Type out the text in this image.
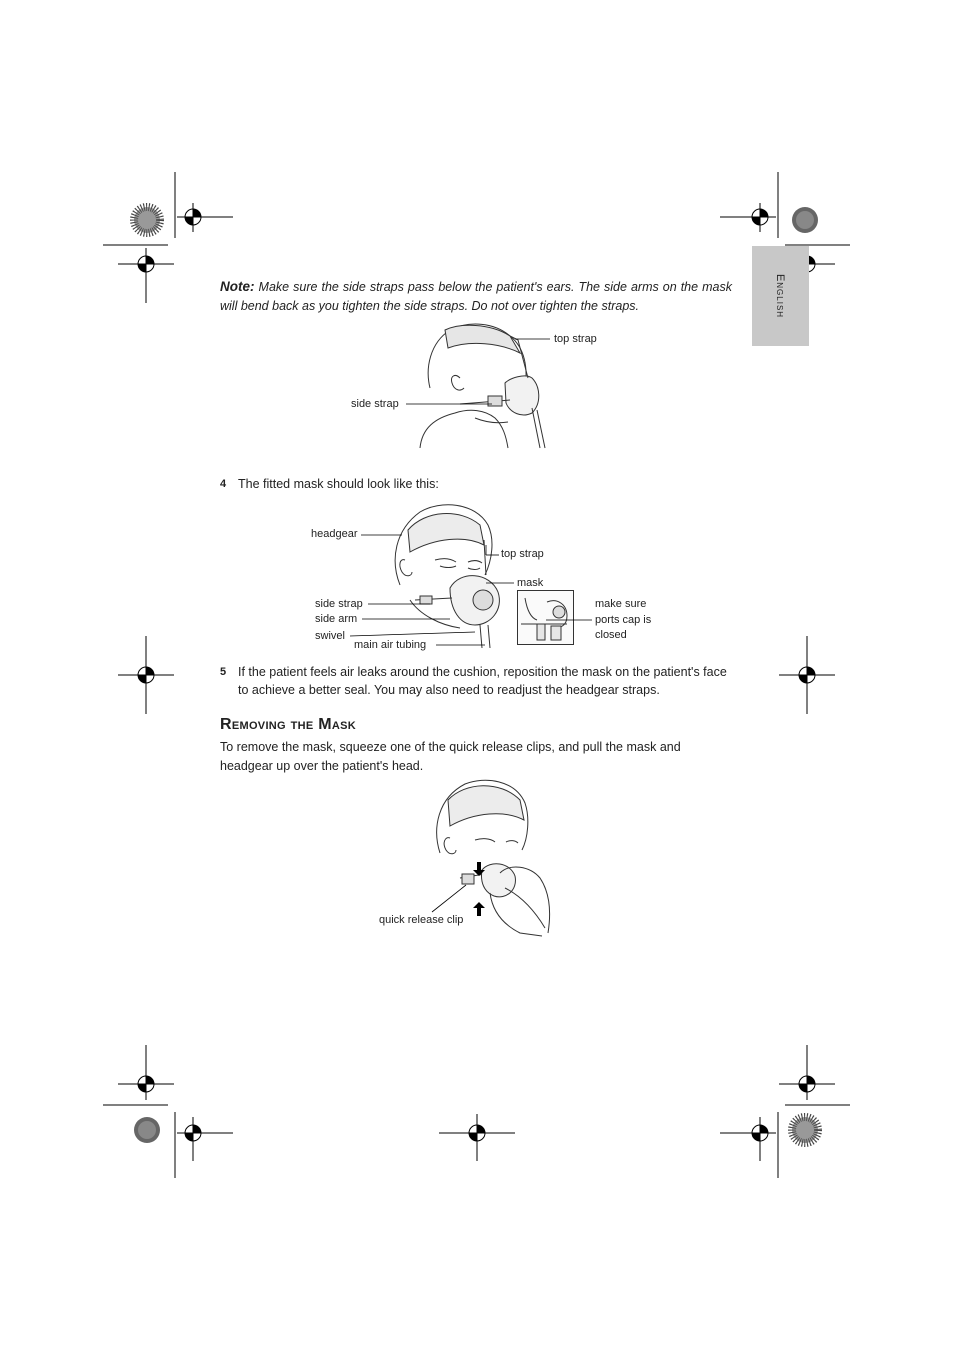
English
Note: Make sure the side straps pass below the patient's ears. The side arms on the mask will bend back as you tighten the side straps. Do not over tighten the straps.
top strap
side strap
4 The fitted mask should look like this:
headgear
top strap
mask
side strap
side arm
swivel
main air tubing
make sure
ports cap is
closed
5 If the patient feels air leaks around the cushion, reposition the mask on the patient's face to achieve a better seal. You may also need to readjust the headgear straps.
Removing the Mask
To remove the mask, squeeze one of the quick release clips, and pull the mask and headgear up over the patient's head.
quick release clip
